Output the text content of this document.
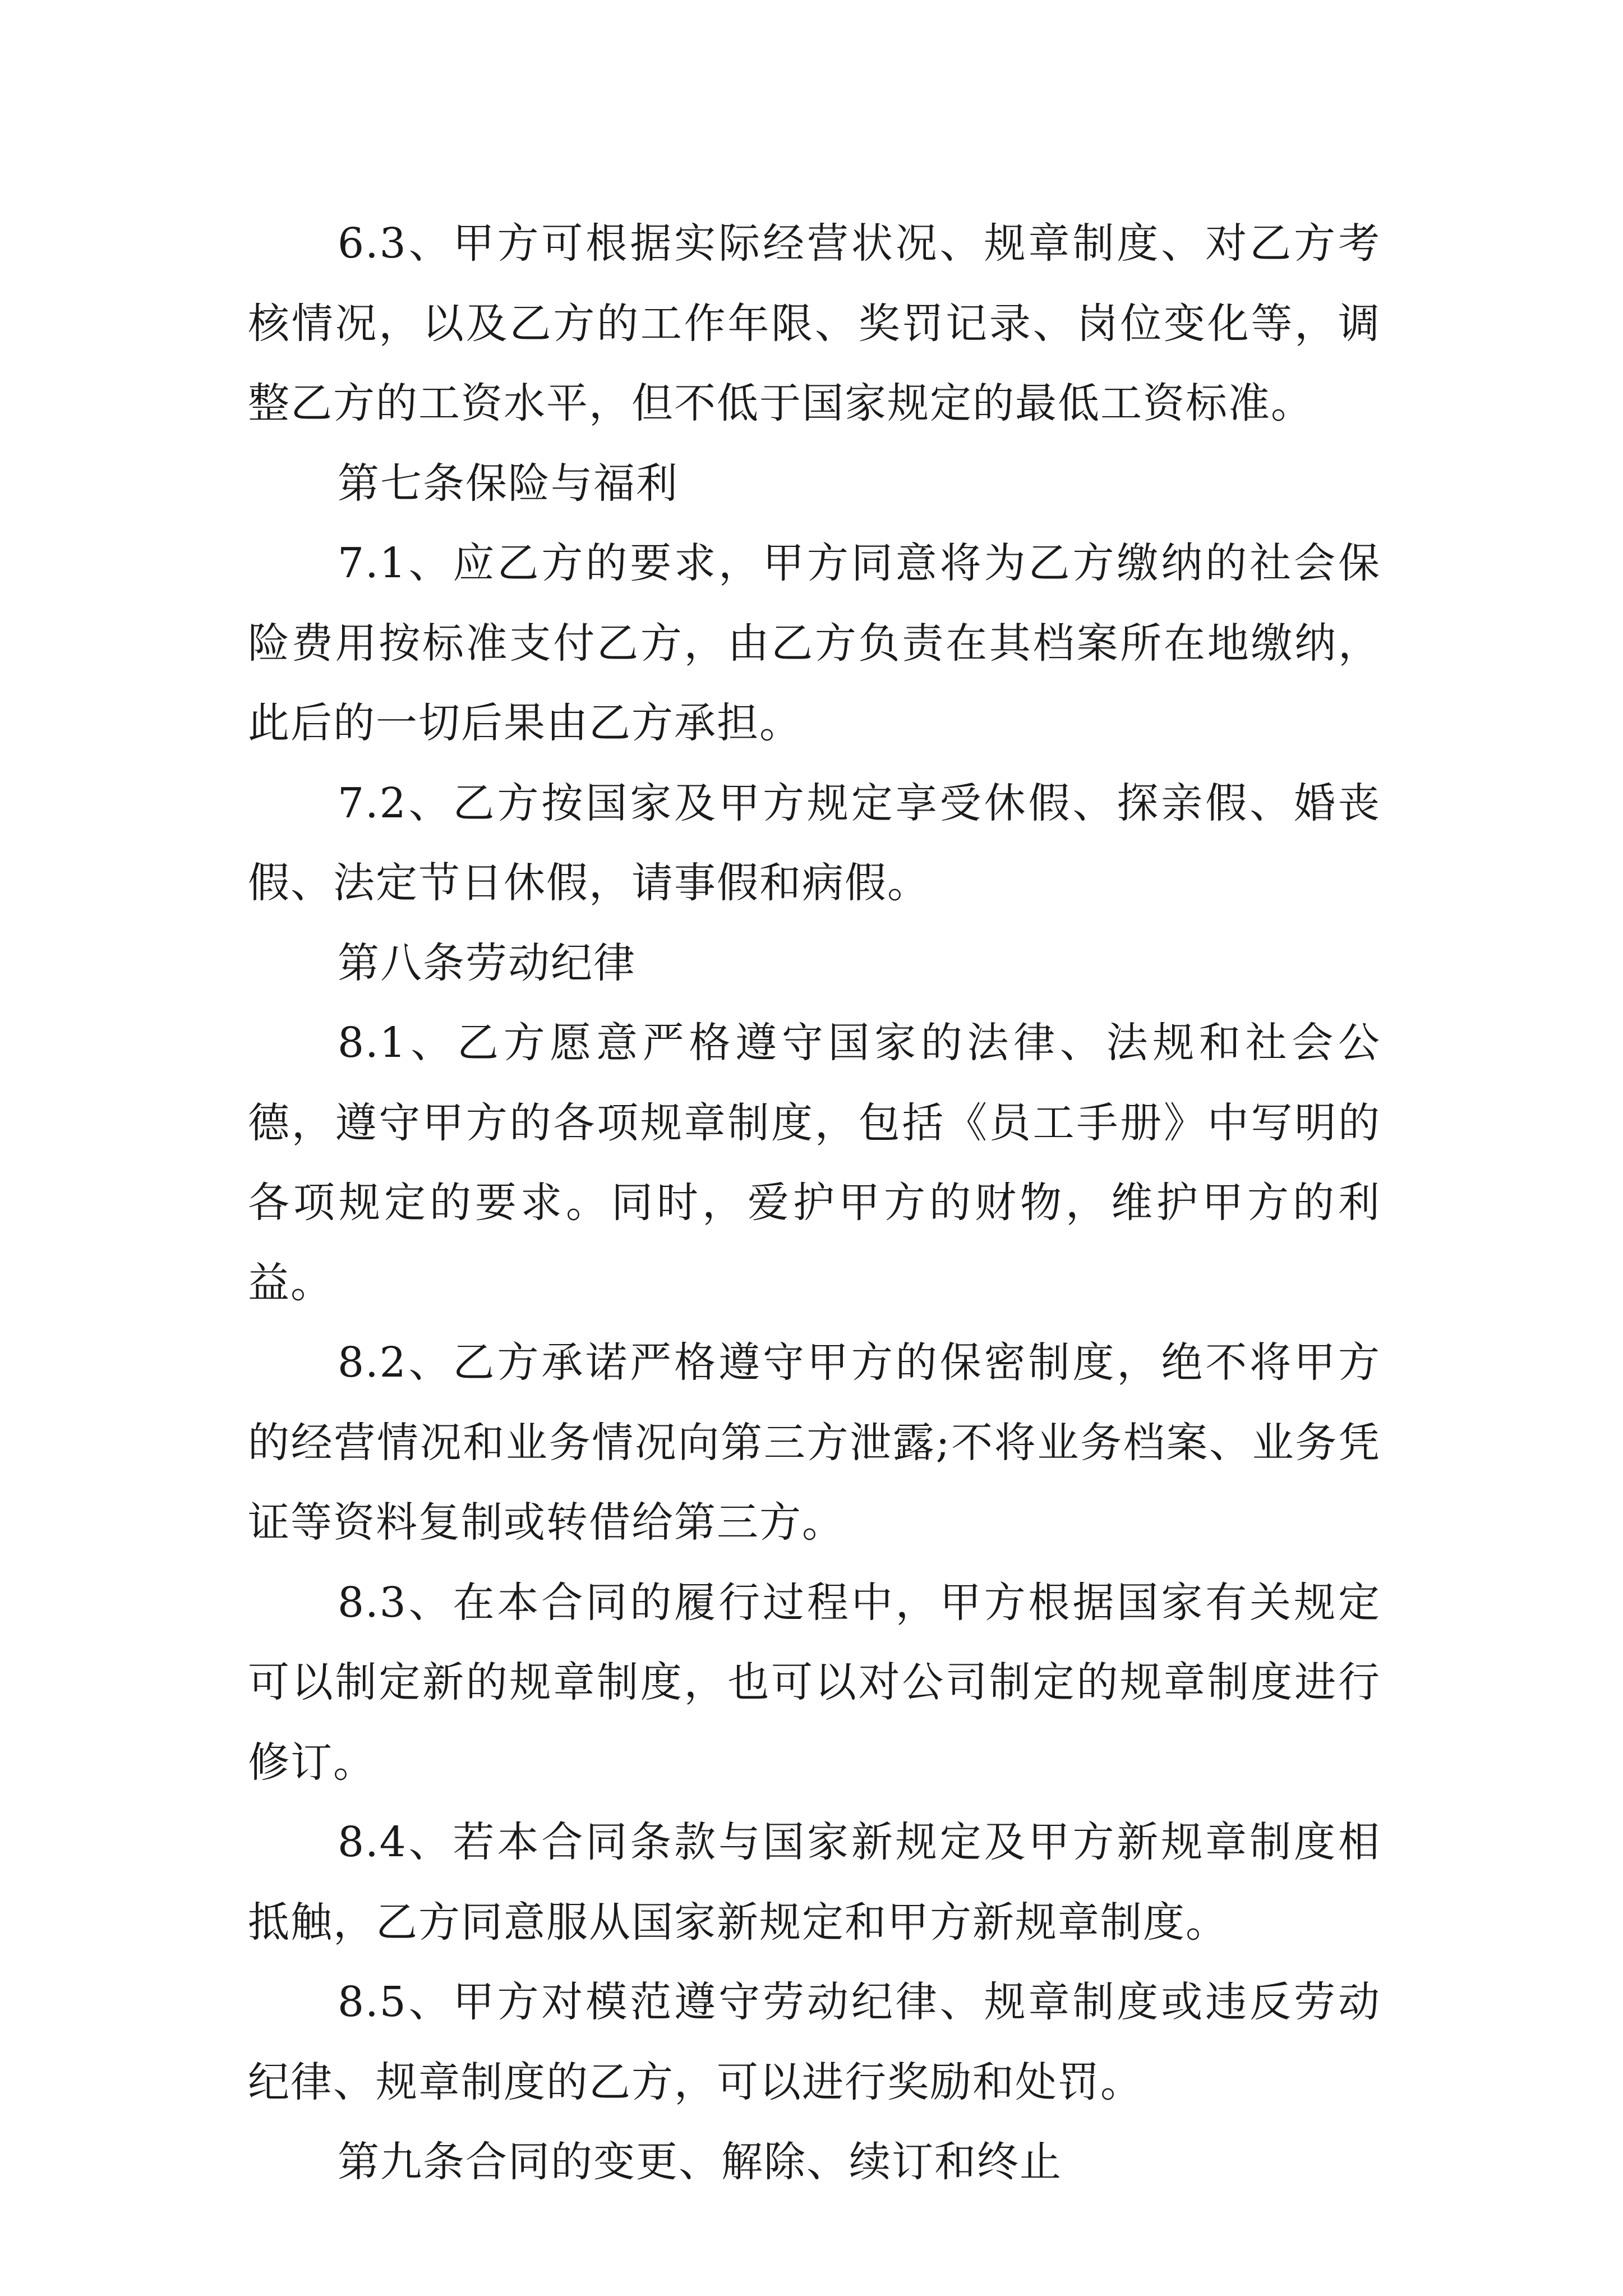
6.3、甲方可根据实际经营状况、规章制度、对乙方考核情况，以及乙方的工作年限、奖罚记录、岗位变化等，调整乙方的工资水平，但不低于国家规定的最低工资标准。

第七条保险与福利

7.1、应乙方的要求，甲方同意将为乙方缴纳的社会保险费用按标准支付乙方，由乙方负责在其档案所在地缴纳，此后的一切后果由乙方承担。

7.2、乙方按国家及甲方规定享受休假、探亲假、婚丧假、法定节日休假，请事假和病假。

第八条劳动纪律

8.1、乙方愿意严格遵守国家的法律、法规和社会公德，遵守甲方的各项规章制度，包括《员工手册》中写明的各项规定的要求。同时，爱护甲方的财物，维护甲方的利益。

8.2、乙方承诺严格遵守甲方的保密制度，绝不将甲方的经营情况和业务情况向第三方泄露;不将业务档案、业务凭证等资料复制或转借给第三方。

8.3、在本合同的履行过程中，甲方根据国家有关规定可以制定新的规章制度，也可以对公司制定的规章制度进行修订。

8.4、若本合同条款与国家新规定及甲方新规章制度相抵触，乙方同意服从国家新规定和甲方新规章制度。

8.5、甲方对模范遵守劳动纪律、规章制度或违反劳动纪律、规章制度的乙方，可以进行奖励和处罚。

第九条合同的变更、解除、续订和终止
